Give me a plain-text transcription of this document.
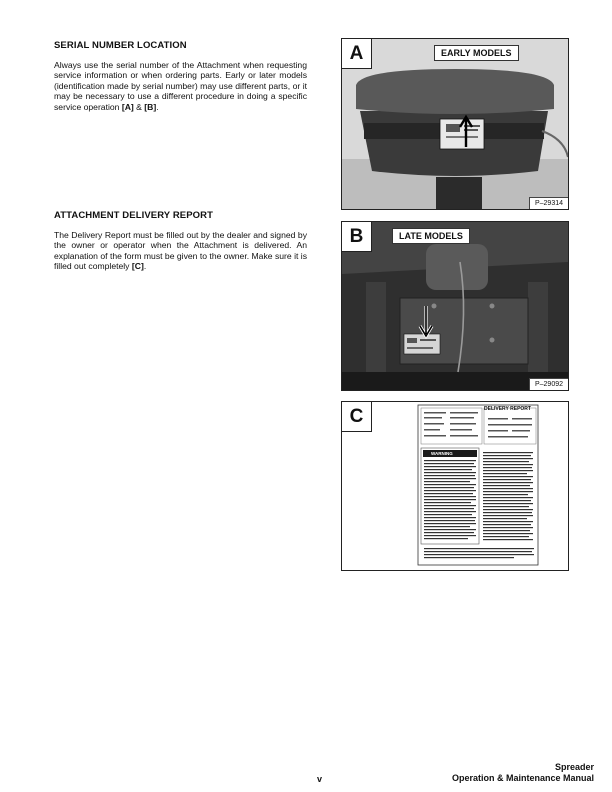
SERIAL NUMBER LOCATION
Always use the serial number of the Attachment when requesting service information or when ordering parts. Early or later models (identification made by serial number) may use different parts, or it may be necessary to use a different procedure in doing a specific service operation [A] & [B].
ATTACHMENT DELIVERY REPORT
The Delivery Report must be filled out by the dealer and signed by the owner or operator when the Attachment is delivered. An explanation of the form must be given to the owner. Make sure it is filled out completely [C].
A	EARLY MODELS
P–29314
B	LATE MODELS
P–29092
DELIVERY REPORT
WARNING
C
v
Spreader
Operation & Maintenance Manual
